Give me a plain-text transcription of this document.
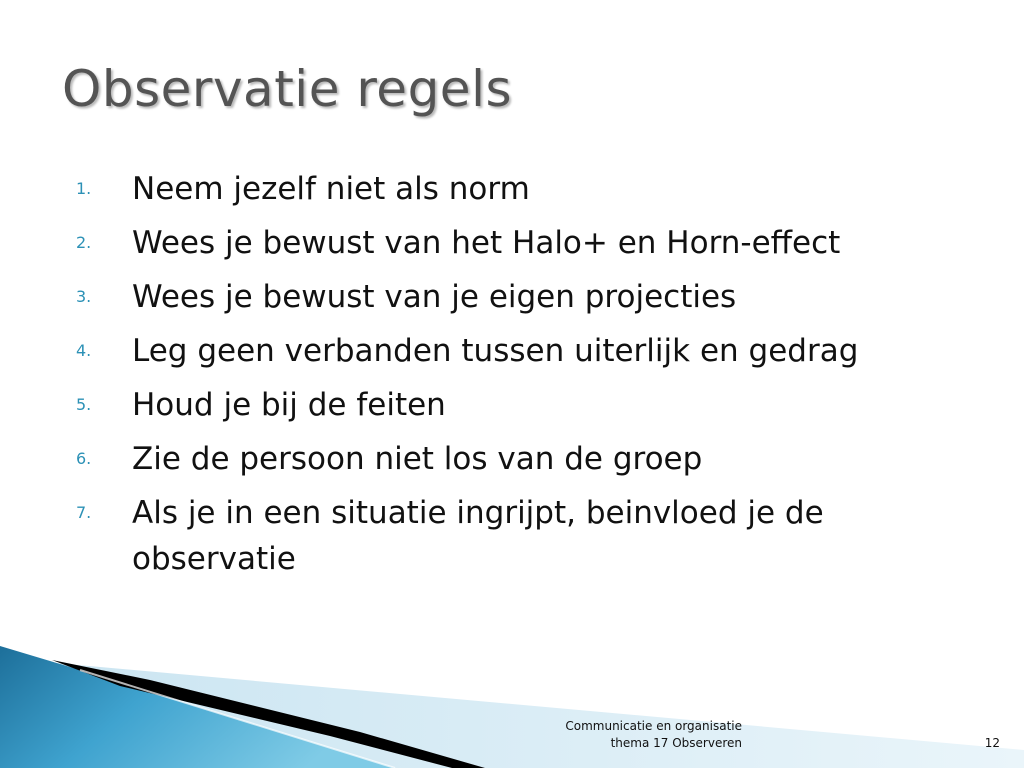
Observatie regels
1. Neem jezelf niet als norm
2. Wees je bewust van het Halo+ en Horn-effect
3. Wees je bewust van je eigen projecties
4. Leg geen verbanden tussen uiterlijk en gedrag
5. Houd je bij de feiten
6. Zie de persoon niet los van de groep
7. Als je in een situatie ingrijpt, beinvloed je de observatie
Communicatie en organisatie
thema 17 Observeren	12
